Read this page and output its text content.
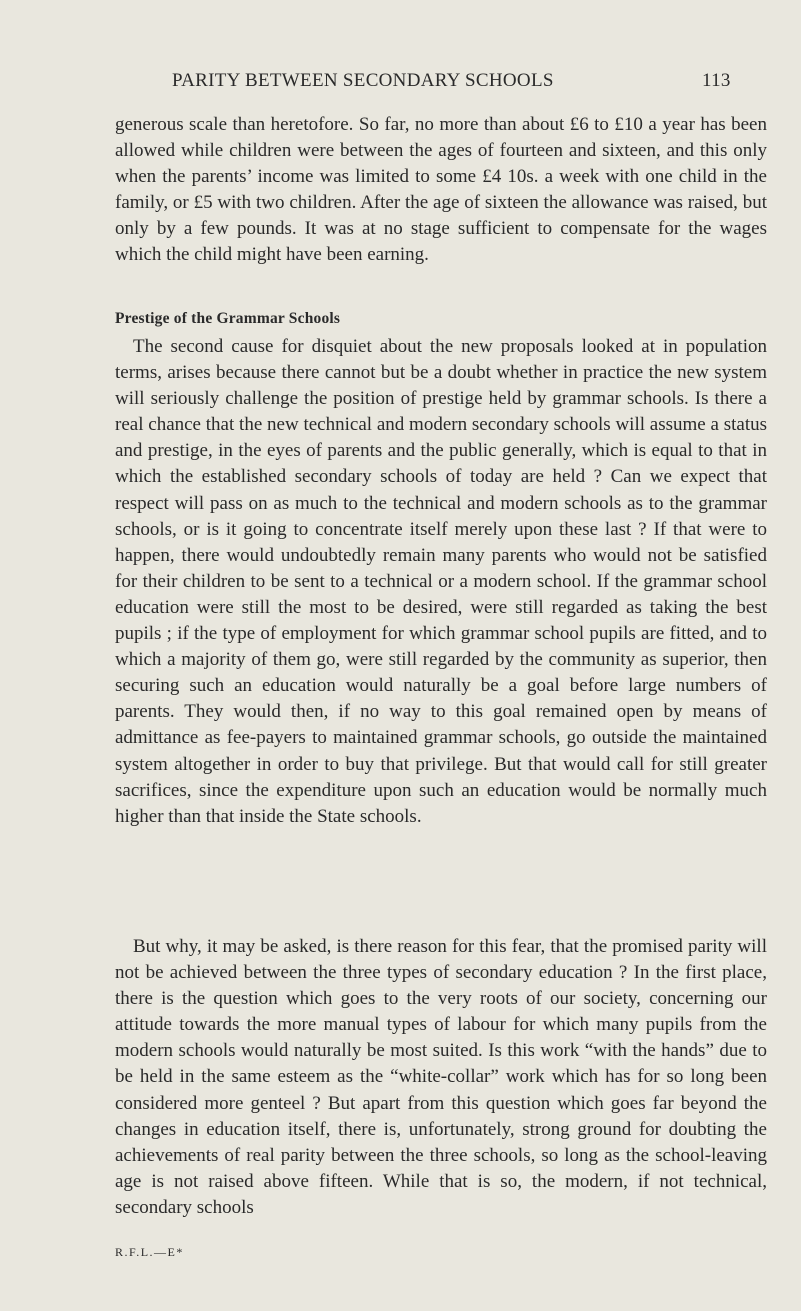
PARITY BETWEEN SECONDARY SCHOOLS	113

generous scale than heretofore. So far, no more than about £6 to £10 a year has been allowed while children were between the ages of fourteen and sixteen, and this only when the parents’ income was limited to some £4 10s. a week with one child in the family, or £5 with two children. After the age of sixteen the allowance was raised, but only by a few pounds. It was at no stage sufficient to compensate for the wages which the child might have been earning.

Prestige of the Grammar Schools

The second cause for disquiet about the new proposals looked at in population terms, arises because there cannot but be a doubt whether in practice the new system will seriously challenge the position of prestige held by grammar schools. Is there a real chance that the new technical and modern secondary schools will assume a status and prestige, in the eyes of parents and the public generally, which is equal to that in which the established secondary schools of today are held ? Can we expect that respect will pass on as much to the technical and modern schools as to the grammar schools, or is it going to concentrate itself merely upon these last ? If that were to happen, there would undoubtedly remain many parents who would not be satisfied for their children to be sent to a technical or a modern school. If the grammar school education were still the most to be desired, were still regarded as taking the best pupils ; if the type of employment for which grammar school pupils are fitted, and to which a majority of them go, were still regarded by the community as superior, then securing such an education would naturally be a goal before large numbers of parents. They would then, if no way to this goal remained open by means of admittance as fee-payers to maintained grammar schools, go outside the maintained system altogether in order to buy that privilege. But that would call for still greater sacrifices, since the expenditure upon such an education would be normally much higher than that inside the State schools.

But why, it may be asked, is there reason for this fear, that the promised parity will not be achieved between the three types of secondary education ? In the first place, there is the question which goes to the very roots of our society, concerning our attitude towards the more manual types of labour for which many pupils from the modern schools would naturally be most suited. Is this work “with the hands” due to be held in the same esteem as the “white-collar” work which has for so long been considered more genteel ? But apart from this question which goes far beyond the changes in education itself, there is, unfortunately, strong ground for doubting the achievements of real parity between the three schools, so long as the school-leaving age is not raised above fifteen. While that is so, the modern, if not technical, secondary schools

R.F.L.—E*
